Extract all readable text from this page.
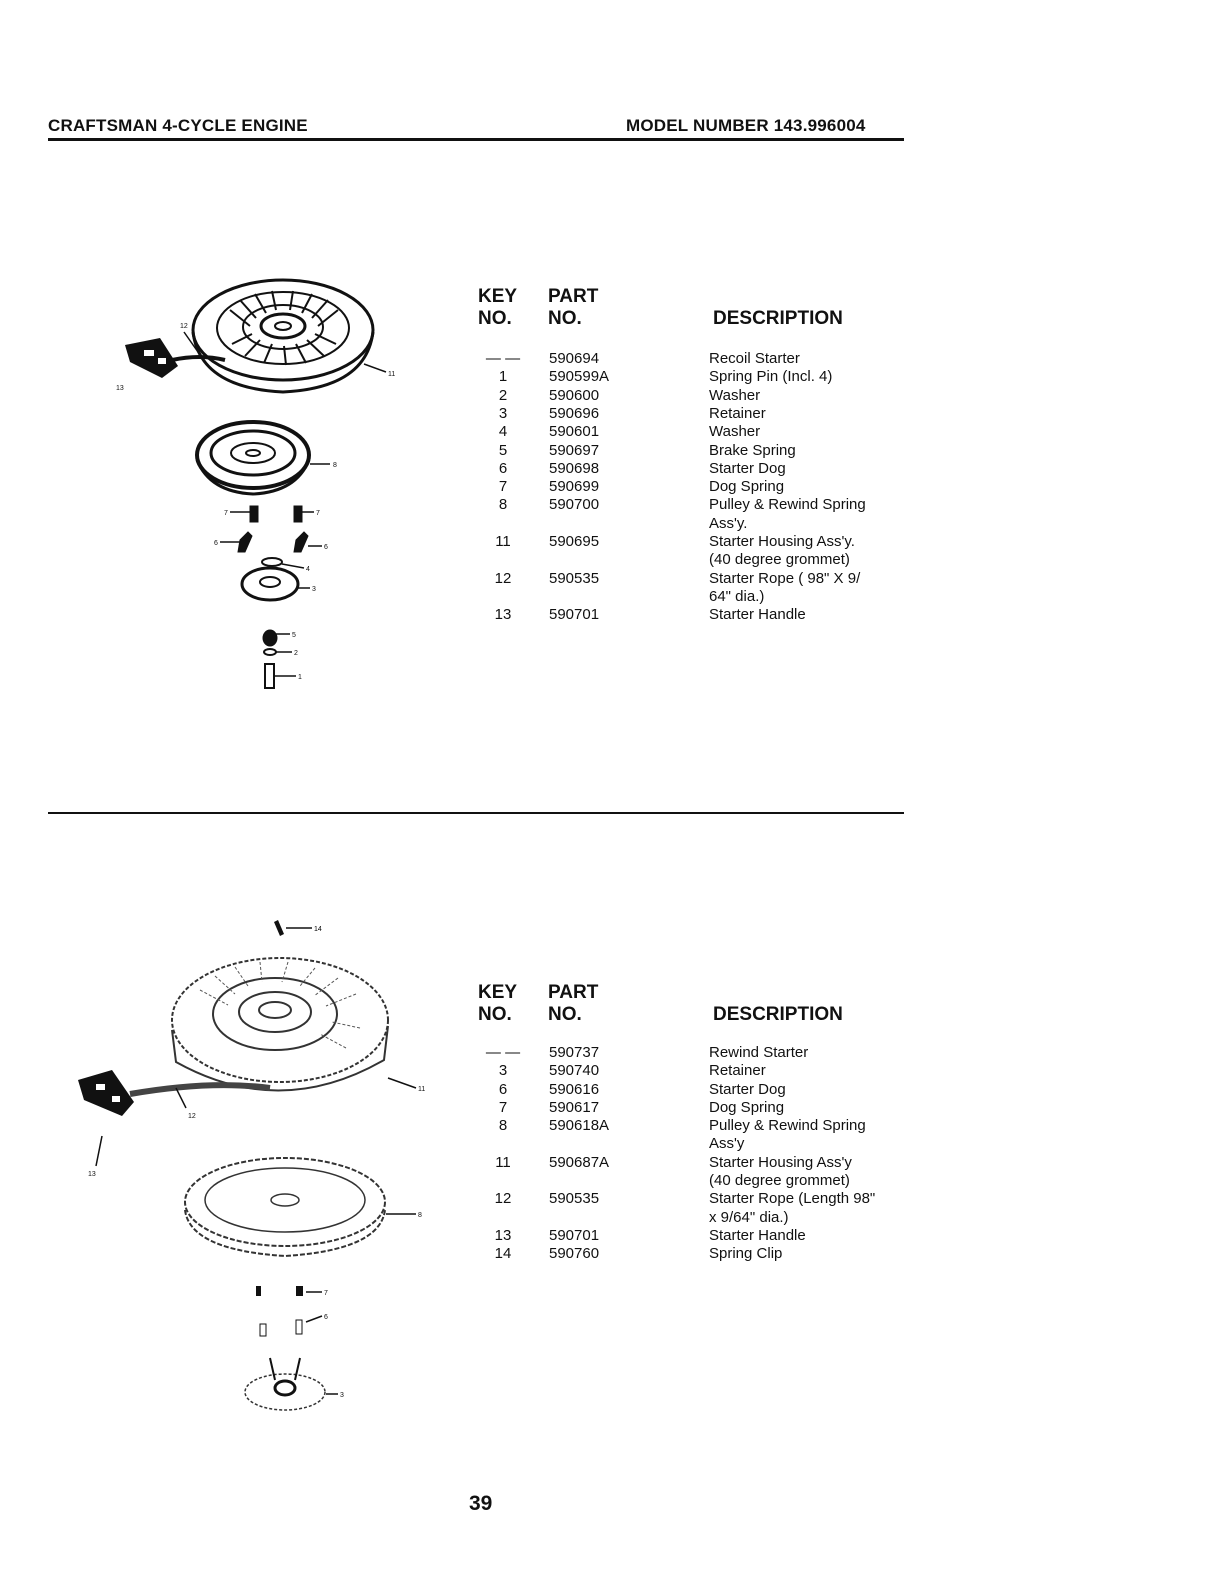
CRAFTSMAN 4-CYCLE ENGINE	MODEL NUMBER 143.996004
12
13
11
8
7	7
6
6
4
3
5
2
1
KEY
NO.
PART
NO.	DESCRIPTION
— —	590694	Recoil Starter
1	590599A	Spring Pin (Incl. 4)
2	590600	Washer
3	590696	Retainer
4	590601	Washer
5	590697	Brake Spring
6	590698	Starter Dog
7	590699	Dog Spring
8	590700	Pulley & Rewind Spring
Ass'y.
11	590695	Starter Housing Ass'y.
(40 degree grommet)
12	590535	Starter Rope ( 98" X 9/
64" dia.)
13	590701	Starter Handle
14
11
12
13
8
7
6
3
KEY
NO.
PART
NO.	DESCRIPTION
— —	590737	Rewind Starter
3	590740	Retainer
6	590616	Starter Dog
7	590617	Dog Spring
8	590618A	Pulley & Rewind Spring
Ass'y
11	590687A	Starter Housing Ass'y
(40 degree grommet)
12	590535	Starter Rope (Length 98"
x 9/64" dia.)
13	590701	Starter Handle
14	590760	Spring Clip
39
